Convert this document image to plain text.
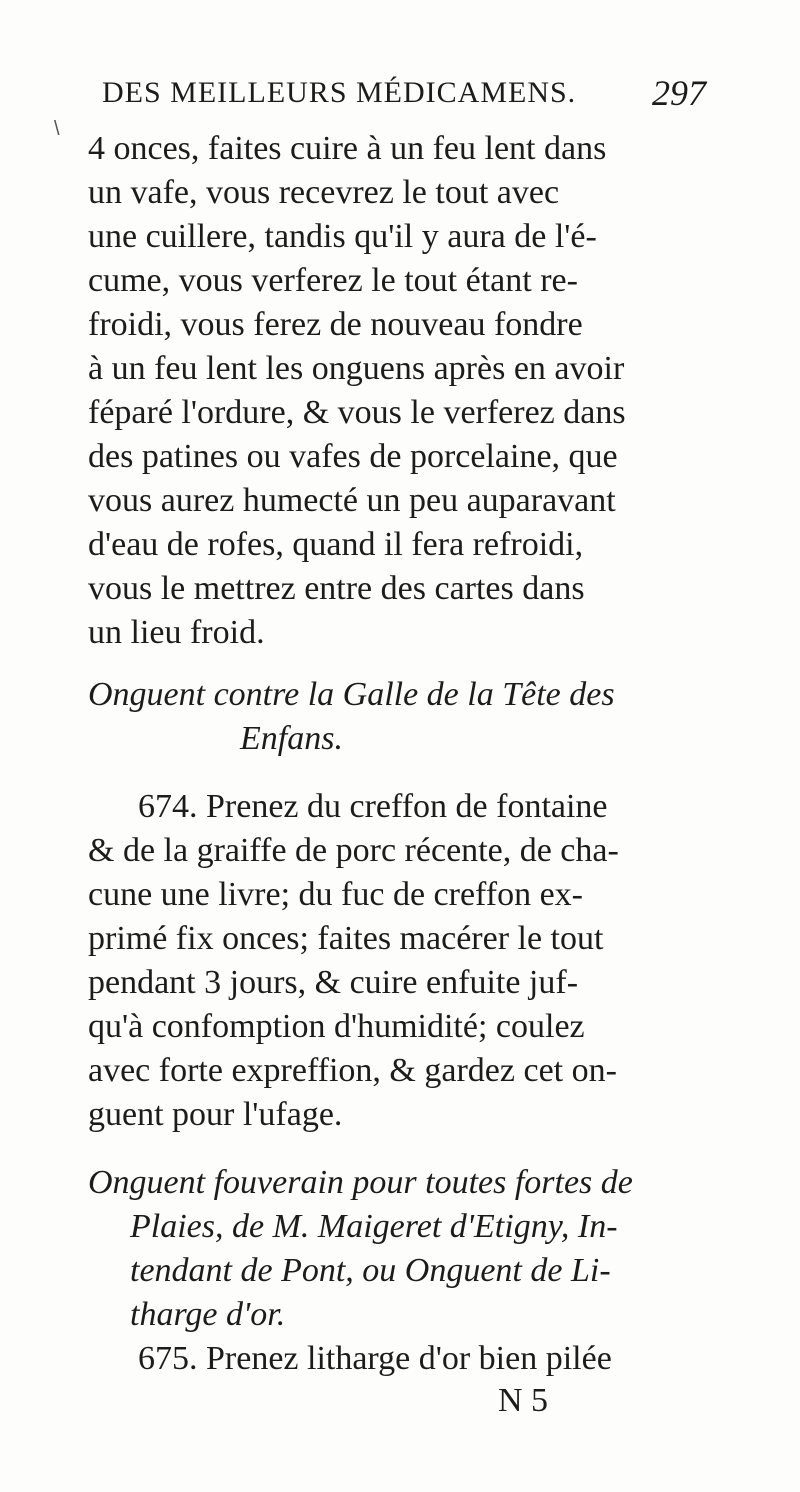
\
DES MEILLEURS MÉDICAMENS. 297
4 onces, faites cuire à un feu lent dans
un vafe, vous recevrez le tout avec
une cuillere, tandis qu'il y aura de l'é-
cume, vous verferez le tout étant re-
froidi, vous ferez de nouveau fondre
à un feu lent les onguens après en avoir
féparé l'ordure, & vous le verferez dans
des patines ou vafes de porcelaine, que
vous aurez humecté un peu auparavant
d'eau de rofes, quand il fera refroidi,
vous le mettrez entre des cartes dans
un lieu froid.
Onguent contre la Galle de la Tête des
Enfans.
674. Prenez du creffon de fontaine
& de la graiffe de porc récente, de cha-
cune une livre; du fuc de creffon ex-
primé fix onces; faites macérer le tout
pendant 3 jours, & cuire enfuite juf-
qu'à confomption d'humidité; coulez
avec forte expreffion, & gardez cet on-
guent pour l'ufage.
Onguent fouverain pour toutes fortes de
Plaies, de M. Maigeret d'Etigny, In-
tendant de Pont, ou Onguent de Li-
tharge d'or.
675. Prenez litharge d'or bien pilée
N 5
